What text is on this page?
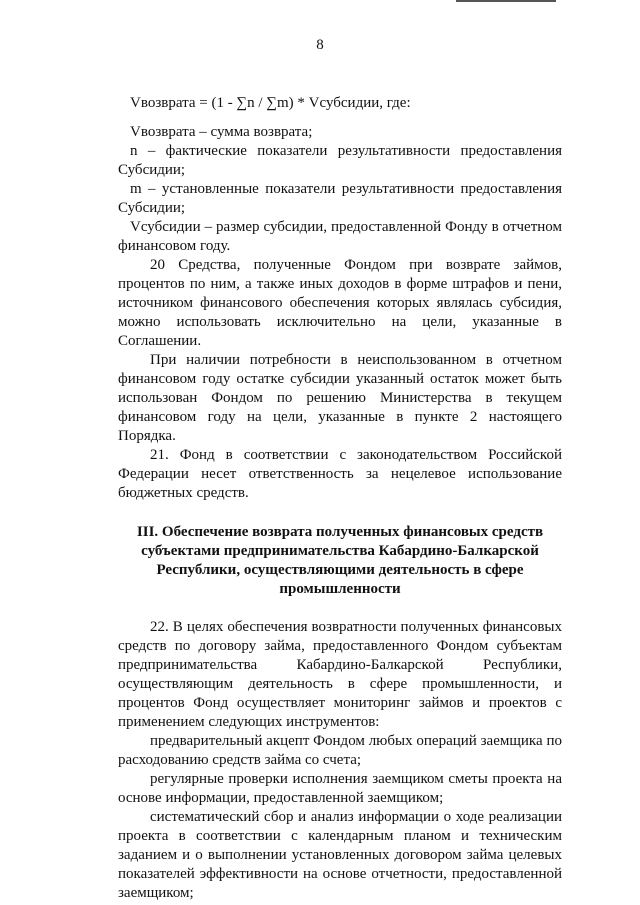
8

Vвозврата = (1 - ∑n / ∑m) * Vсубсидии, где:

Vвозврата – сумма возврата;

n – фактические показатели результативности предоставления Субсидии;

m – установленные показатели результативности предоставления Субсидии;

Vсубсидии – размер субсидии, предоставленной Фонду в отчетном финансовом году.

20 Средства, полученные Фондом при возврате займов, процентов по ним, а также иных доходов в форме штрафов и пени, источником финансового обеспечения которых являлась субсидия, можно использовать исключительно на цели, указанные в Соглашении.

При наличии потребности в неиспользованном в отчетном финансовом году остатке субсидии указанный остаток может быть использован Фондом по решению Министерства в текущем финансовом году на цели, указанные в пункте 2 настоящего Порядка.

21. Фонд в соответствии с законодательством Российской Федерации несет ответственность за нецелевое использование бюджетных средств.

III. Обеспечение возврата полученных финансовых средств субъектами предпринимательства Кабардино-Балкарской Республики, осуществляющими деятельность в сфере промышленности

22. В целях обеспечения возвратности полученных финансовых средств по договору займа, предоставленного Фондом субъектам предпринимательства Кабардино-Балкарской Республики, осуществляющим деятельность в сфере промышленности, и процентов Фонд осуществляет мониторинг займов и проектов с применением следующих инструментов:

предварительный акцепт Фондом любых операций заемщика по расходованию средств займа со счета;

регулярные проверки исполнения заемщиком сметы проекта на основе информации, предоставленной заемщиком;

систематический сбор и анализ информации о ходе реализации проекта в соответствии с календарным планом и техническим заданием и о выполнении установленных договором займа целевых показателей эффективности на основе отчетности, предоставленной заемщиком;
